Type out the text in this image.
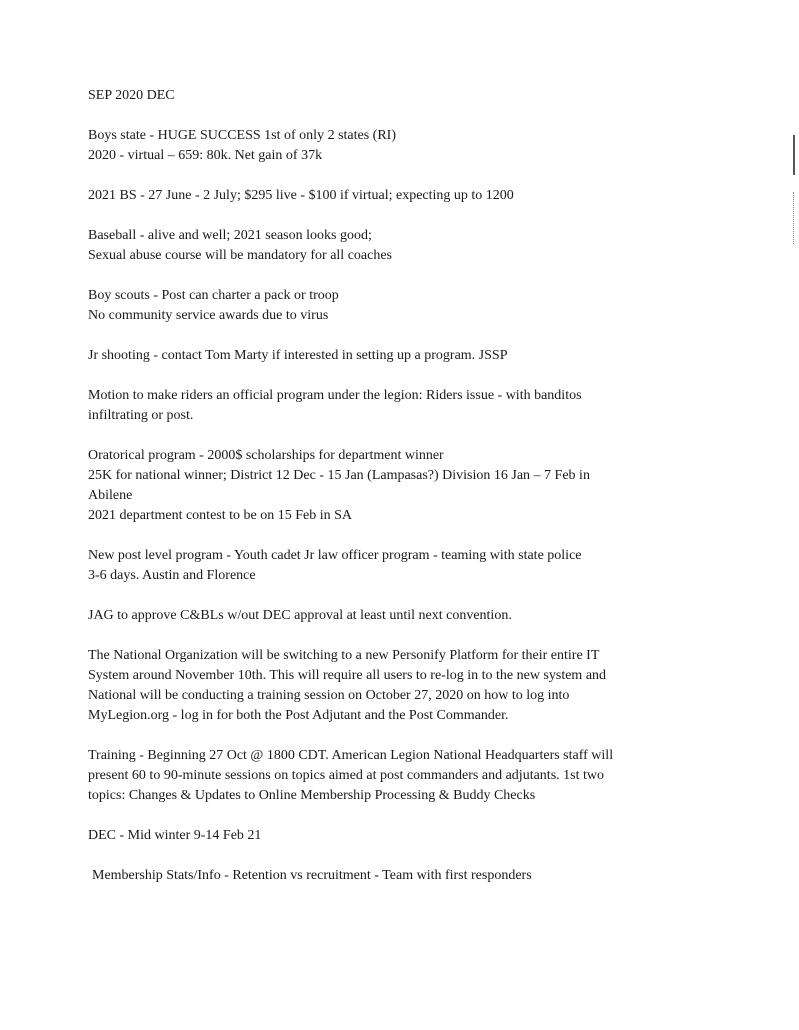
SEP 2020 DEC
Boys state - HUGE SUCCESS 1st of only 2 states (RI)
2020 - virtual – 659: 80k. Net gain of 37k
2021 BS - 27 June - 2 July; $295 live - $100 if virtual; expecting up to 1200
Baseball - alive and well; 2021 season looks good;
Sexual abuse course will be mandatory for all coaches
Boy scouts - Post can charter a pack or troop
No community service awards due to virus
Jr shooting - contact Tom Marty if interested in setting up a program. JSSP
Motion to make riders an official program under the legion: Riders issue - with banditos
infiltrating or post.
Oratorical program - 2000$ scholarships for department winner
25K for national winner; District 12 Dec - 15 Jan (Lampasas?) Division 16 Jan – 7 Feb in
Abilene
2021 department contest to be on 15 Feb in SA
New post level program - Youth cadet Jr law officer program - teaming with state police
3-6 days. Austin and Florence
JAG to approve C&BLs w/out DEC approval at least until next convention.
The National Organization will be switching to a new Personify Platform for their entire IT
System around November 10th. This will require all users to re-log in to the new system and
National will be conducting a training session on October 27, 2020 on how to log into
MyLegion.org - log in for both the Post Adjutant and the Post Commander.
Training - Beginning 27 Oct @ 1800 CDT. American Legion National Headquarters staff will
present 60 to 90-minute sessions on topics aimed at post commanders and adjutants. 1st two
topics: Changes & Updates to Online Membership Processing & Buddy Checks
DEC - Mid winter 9-14 Feb 21
Membership Stats/Info - Retention vs recruitment - Team with first responders
